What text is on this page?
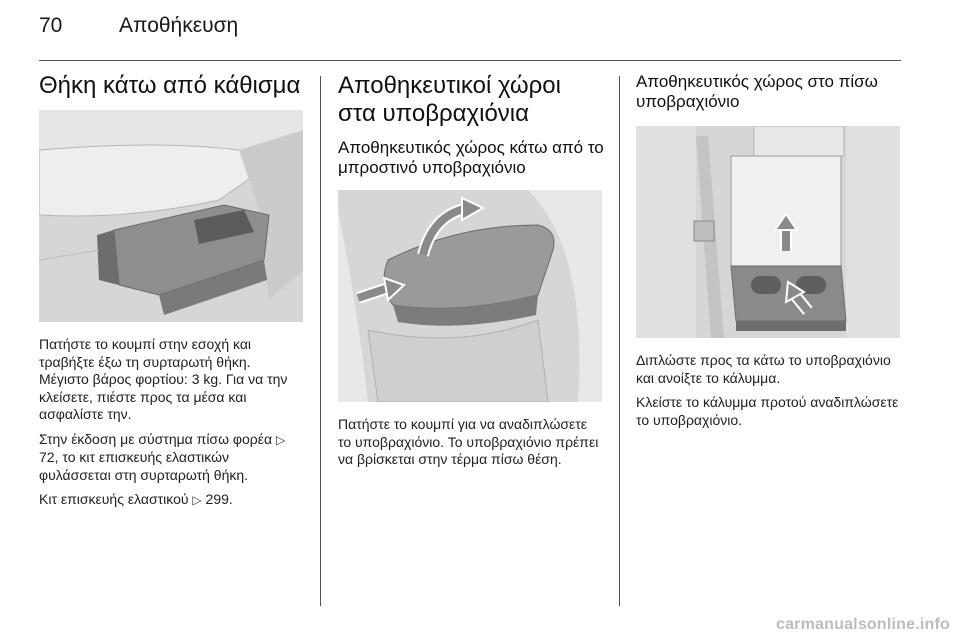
70	Αποθήκευση
Θήκη κάτω από κάθισμα

Πατήστε το κουμπί στην εσοχή και τραβήξτε έξω τη συρταρωτή θήκη. Μέγιστο βάρος φορτίου: 3 kg. Για να την κλείσετε, πιέστε προς τα μέσα και ασφαλίστε την.

Στην έκδοση με σύστημα πίσω φορέα ▷ 72, το κιτ επισκευής ελαστικών φυλάσσεται στη συρταρωτή θήκη.

Κιτ επισκευής ελαστικού ▷ 299.

Αποθηκευτικοί χώροι στα υποβραχιόνια
Αποθηκευτικός χώρος κάτω από το μπροστινό υποβραχιόνιο

Πατήστε το κουμπί για να αναδιπλώσετε το υποβραχιόνιο. Το υποβραχιόνιο πρέπει να βρίσκεται στην τέρμα πίσω θέση.

Αποθηκευτικός χώρος στο πίσω υποβραχιόνιο

Διπλώστε προς τα κάτω το υποβραχιόνιο και ανοίξτε το κάλυμμα.

Κλείστε το κάλυμμα προτού αναδιπλώσετε το υποβραχιόνιο.

carmanualsonline.info
